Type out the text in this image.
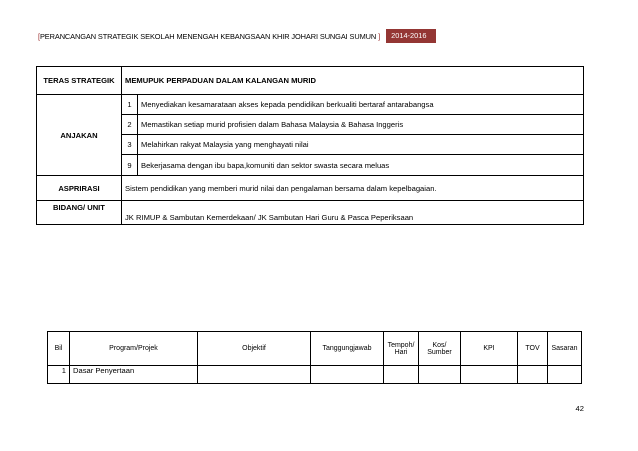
[PERANCANGAN STRATEGIK SEKOLAH MENENGAH KEBANGSAAN KHIR JOHARI SUNGAI SUMUN ]	2014-2016
TERAS STRATEGIK	MEMUPUK PERPADUAN DALAM KALANGAN MURID	
ANJAKAN	1	Menyediakan kesamarataan akses kepada pendidikan berkualiti bertaraf antarabangsa
	2	Memastikan setiap murid profisien dalam Bahasa Malaysia & Bahasa Inggeris
	3	Melahirkan rakyat Malaysia yang menghayati nilai
	9	Bekerjasama dengan ibu bapa,komuniti dan sektor swasta secara meluas
ASPRIRASI	Sistem pendidikan yang memberi murid nilai dan pengalaman bersama dalam kepelbagaian.	
BIDANG/ UNIT	JK RIMUP & Sambutan Kemerdekaan/ JK Sambutan Hari Guru & Pasca Peperiksaan	
Bil	Program/Projek	Objektif	Tanggungjawab	Tempoh/ Hari	Kos/ Sumber	KPI	TOV	Sasaran
1	Dasar Penyertaan							
42
